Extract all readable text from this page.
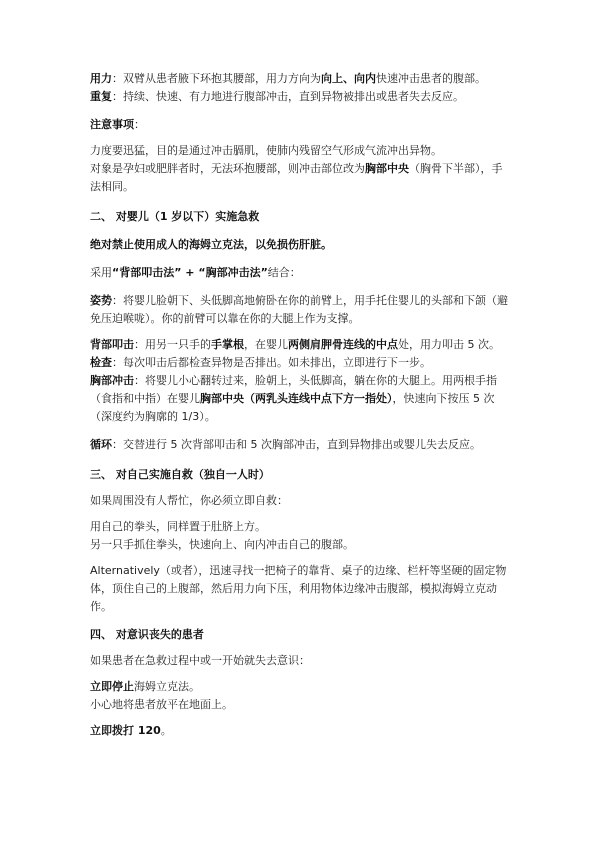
用力：双臂从患者腋下环抱其腰部，用力方向为向上、向内快速冲击患者的腹部。

重复：持续、快速、有力地进行腹部冲击，直到异物被排出或患者失去反应。

注意事项：

力度要迅猛，目的是通过冲击膈肌，使肺内残留空气形成气流冲出异物。

对象是孕妇或肥胖者时，无法环抱腰部，则冲击部位改为胸部中央（胸骨下半部），手法相同。

二、 对婴儿（1 岁以下）实施急救

绝对禁止使用成人的海姆立克法，以免损伤肝脏。

采用“背部叩击法” + “胸部冲击法”结合：

姿势：将婴儿脸朝下、头低脚高地俯卧在你的前臂上，用手托住婴儿的头部和下颌（避免压迫喉咙）。你的前臂可以靠在你的大腿上作为支撑。

背部叩击：用另一只手的手掌根，在婴儿两侧肩胛骨连线的中点处，用力叩击 5 次。

检查：每次叩击后都检查异物是否排出。如未排出，立即进行下一步。

胸部冲击：将婴儿小心翻转过来，脸朝上，头低脚高，躺在你的大腿上。用两根手指（食指和中指）在婴儿胸部中央（两乳头连线中点下方一指处），快速向下按压 5 次（深度约为胸廓的 1/3）。

循环：交替进行 5 次背部叩击和 5 次胸部冲击，直到异物排出或婴儿失去反应。

三、 对自己实施自救（独自一人时）

如果周围没有人帮忙，你必须立即自救：

用自己的拳头，同样置于肚脐上方。

另一只手抓住拳头，快速向上、向内冲击自己的腹部。

Alternatively（或者），迅速寻找一把椅子的靠背、桌子的边缘、栏杆等坚硬的固定物体，顶住自己的上腹部，然后用力向下压，利用物体边缘冲击腹部，模拟海姆立克动作。

四、 对意识丧失的患者

如果患者在急救过程中或一开始就失去意识：

立即停止海姆立克法。

小心地将患者放平在地面上。

立即拨打 120。
